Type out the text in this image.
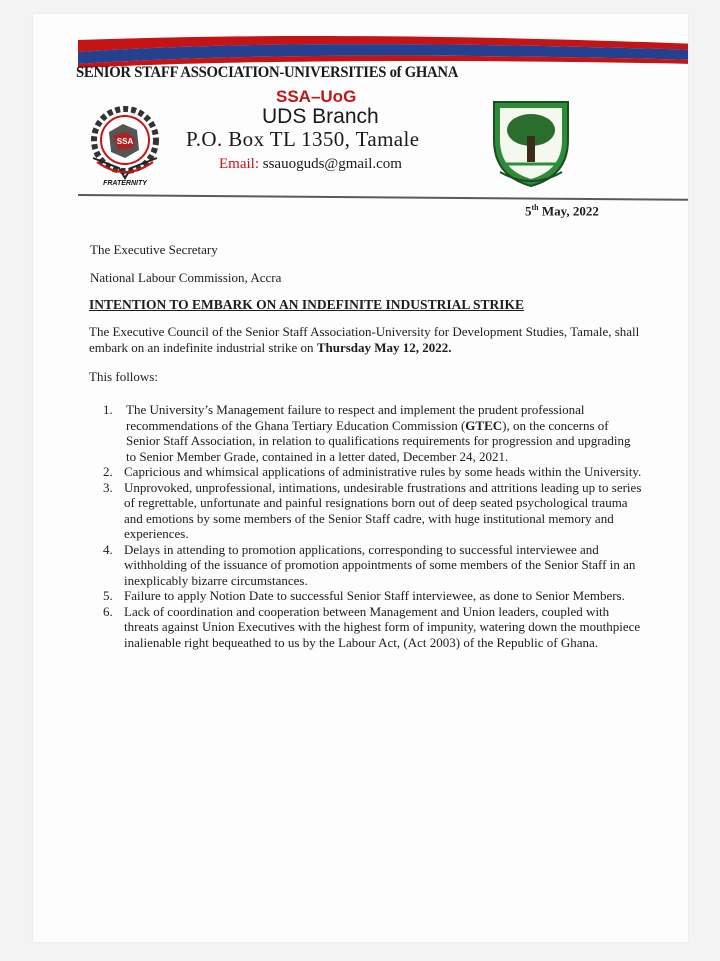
SENIOR STAFF ASSOCIATION-UNIVERSITIES of GHANA
SSA–UoG
UDS Branch
P.O. Box TL 1350, Tamale
Email: ssauoguds@gmail.com
FRATERNITY
SSA
5th May, 2022
The Executive Secretary
National Labour Commission, Accra
INTENTION TO EMBARK ON AN INDEFINITE INDUSTRIAL STRIKE
The Executive Council of the Senior Staff Association-University for Development Studies, Tamale, shall embark on an indefinite industrial strike on Thursday May 12, 2022.
This follows:
1. The University’s Management failure to respect and implement the prudent professional recommendations of the Ghana Tertiary Education Commission (GTEC), on the concerns of Senior Staff Association, in relation to qualifications requirements for progression and upgrading to Senior Member Grade, contained in a letter dated, December 24, 2021.
2. Capricious and whimsical applications of administrative rules by some heads within the University.
3. Unprovoked, unprofessional, intimations, undesirable frustrations and attritions leading up to series of regrettable, unfortunate and painful resignations born out of deep seated psychological trauma and emotions by some members of the Senior Staff cadre, with huge institutional memory and experiences.
4. Delays in attending to promotion applications, corresponding to successful interviewee and withholding of the issuance of promotion appointments of some members of the Senior Staff in an inexplicably bizarre circumstances.
5. Failure to apply Notion Date to successful Senior Staff interviewee, as done to Senior Members.
6. Lack of coordination and cooperation between Management and Union leaders, coupled with threats against Union Executives with the highest form of impunity, watering down the mouthpiece inalienable right bequeathed to us by the Labour Act, (Act 2003) of the Republic of Ghana.
